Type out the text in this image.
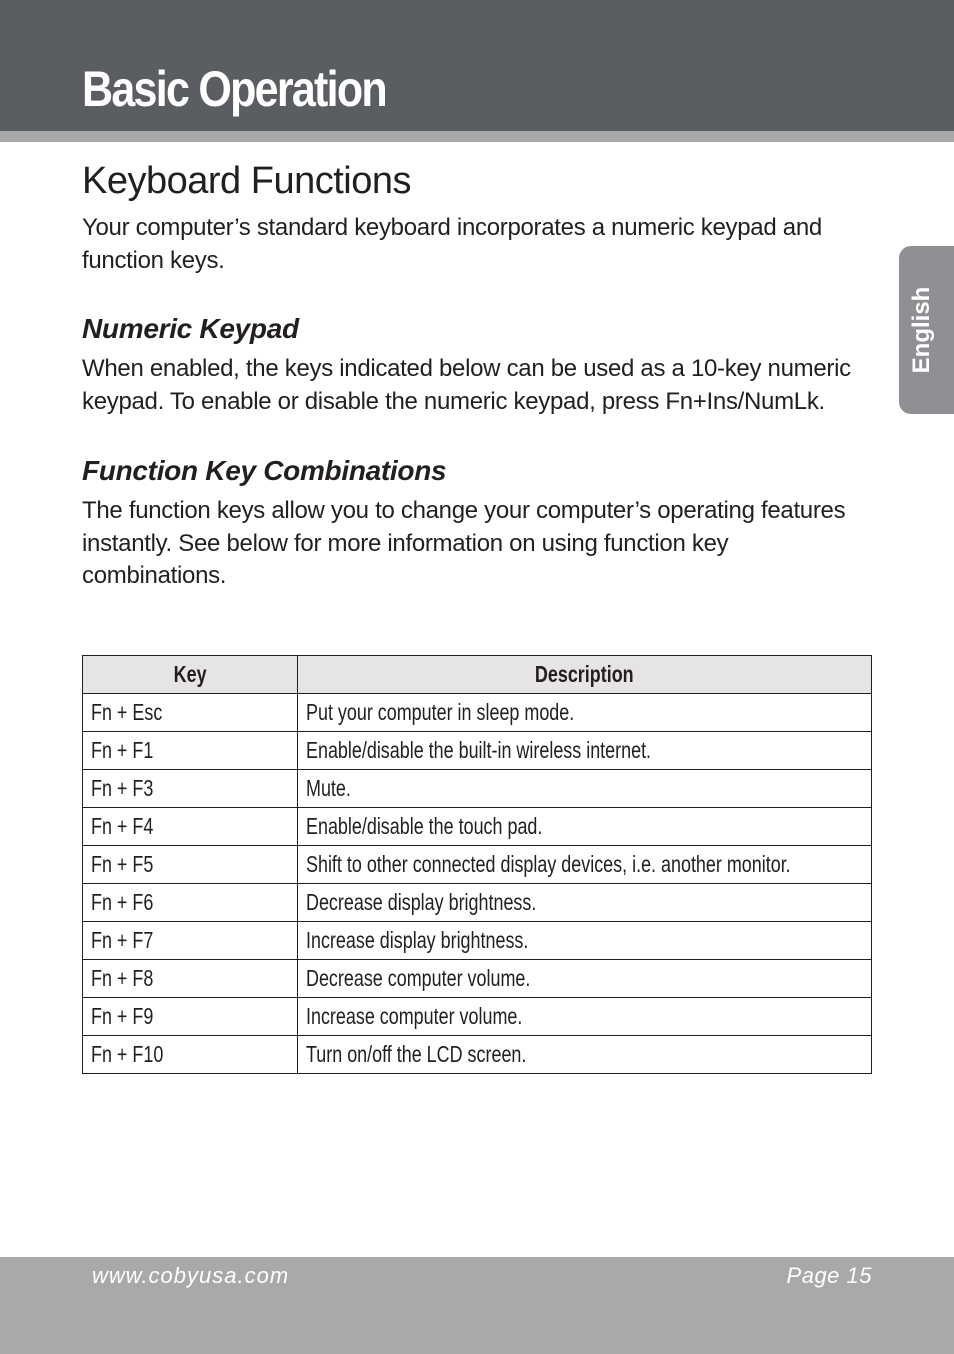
Basic Operation
English
Keyboard Functions

Your computer’s standard keyboard incorporates a numeric keypad and function keys.

Numeric Keypad

When enabled, the keys indicated below can be used as a 10-key numeric keypad. To enable or disable the numeric keypad, press Fn+Ins/NumLk.

Function Key Combinations

The function keys allow you to change your computer’s operating features instantly. See below for more information on using function key combinations.

Key	Description
Fn + Esc	Put your computer in sleep mode.
Fn + F1	Enable/disable the built-in wireless internet.
Fn + F3	Mute.
Fn + F4	Enable/disable the touch pad.
Fn + F5	Shift to other connected display devices, i.e. another monitor.
Fn + F6	Decrease display brightness.
Fn + F7	Increase display brightness.
Fn + F8	Decrease computer volume.
Fn + F9	Increase computer volume.
Fn + F10	Turn on/off the LCD screen.
www.cobyusa.com	Page 15
